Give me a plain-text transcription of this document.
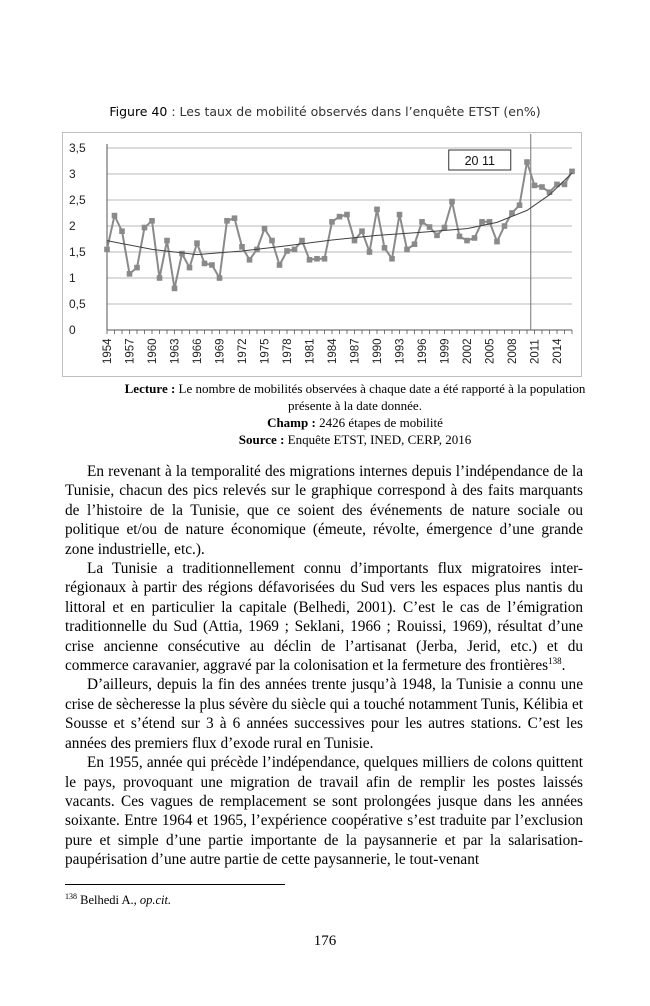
Figure 40 : Les taux de mobilité observés dans l’enquête ETST (en%)
0
0,5
1
1,5
2
2,5
3
3,5
1954 1957 1960 1963 1966 1969 1972 1975 1978 1981 1984 1987 1990 1993 1996 1999 2002 2005 2008 2011 2014
20 11
Lecture : Le nombre de mobilités observées à chaque date a été rapporté à la population présente à la date donnée.
Champ : 2426 étapes de mobilité
Source : Enquête ETST, INED, CERP, 2016

En revenant à la temporalité des migrations internes depuis l’indépendance de la Tunisie, chacun des pics relevés sur le graphique correspond à des faits marquants de l’histoire de la Tunisie, que ce soient des événements de nature sociale ou politique et/ou de nature économique (émeute, révolte, émergence d’une grande zone industrielle, etc.).

La Tunisie a traditionnellement connu d’importants flux migratoires inter-régionaux à partir des régions défavorisées du Sud vers les espaces plus nantis du littoral et en particulier la capitale (Belhedi, 2001). C’est le cas de l’émigration traditionnelle du Sud (Attia, 1969 ; Seklani, 1966 ; Rouissi, 1969), résultat d’une crise ancienne consécutive au déclin de l’artisanat (Jerba, Jerid, etc.) et du commerce caravanier, aggravé par la colonisation et la fermeture des frontières$^{138}$.

D’ailleurs, depuis la fin des années trente jusqu’à 1948, la Tunisie a connu une crise de sècheresse la plus sévère du siècle qui a touché notamment Tunis, Kélibia et Sousse et s’étend sur 3 à 6 années successives pour les autres stations. C’est les années des premiers flux d’exode rural en Tunisie.

En 1955, année qui précède l’indépendance, quelques milliers de colons quittent le pays, provoquant une migration de travail afin de remplir les postes laissés vacants. Ces vagues de remplacement se sont prolongées jusque dans les années soixante. Entre 1964 et 1965, l’expérience coopérative s’est traduite par l’exclusion pure et simple d’une partie importante de la paysannerie et par la salarisation-paupérisation d’une autre partie de cette paysannerie, le tout-venant

$^{138}$ Belhedi A., op.cit.
176
